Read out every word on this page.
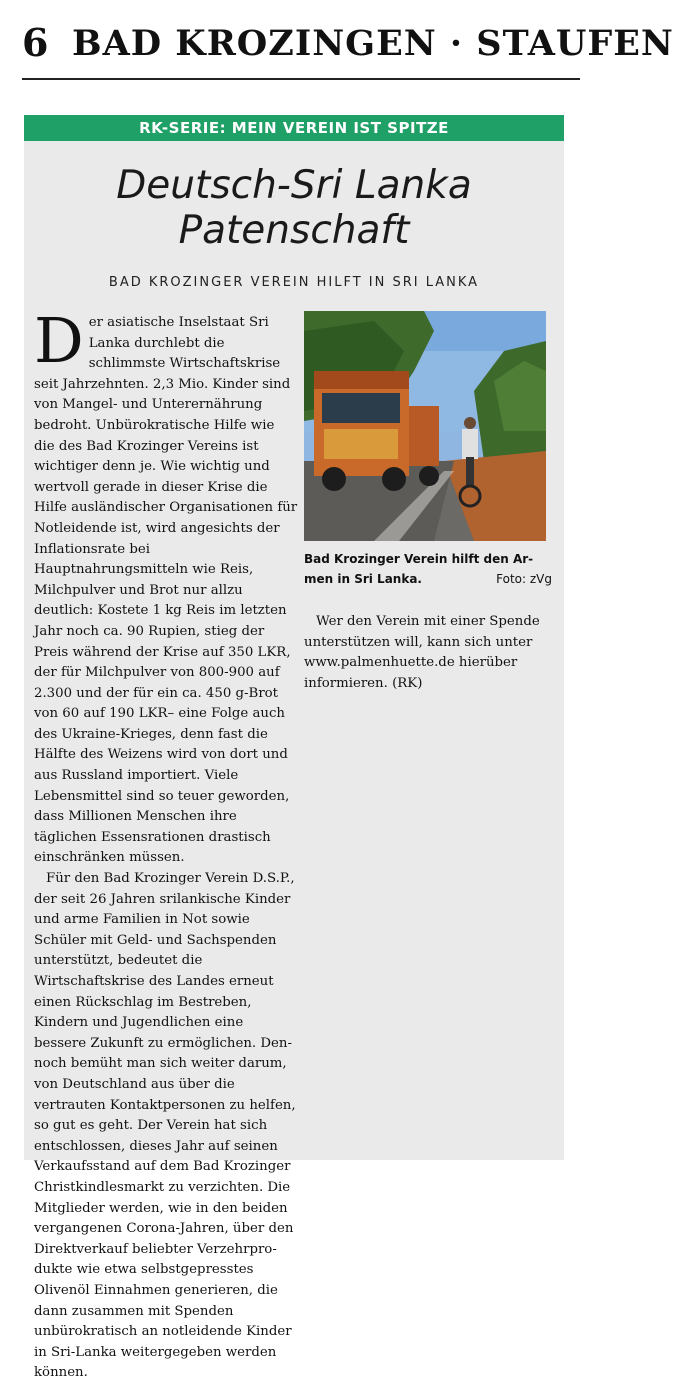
6 BAD KROZINGEN · STAUFEN
RK-SERIE: MEIN VEREIN IST SPITZE
Deutsch-Sri Lanka
Patenschaft
BAD KROZINGER VEREIN HILFT IN SRI LANKA

Der asiatische Inselstaat Sri Lanka durchlebt die schlimmste Wirtschaftskrise seit Jahrzehnten. 2,3 Mio. Kinder sind von Mangel- und Unterernährung bedroht. Unbürokratische Hilfe wie die des Bad Krozinger Vereins ist wichtiger denn je. Wie wichtig und wertvoll gerade in dieser Krise die Hilfe ausländischer Organisationen für Notleidende ist, wird angesichts der Inflationsrate bei Hauptnahrungsmitteln wie Reis, Milchpulver und Brot nur allzu deutlich: Kostete 1 kg Reis im letzten Jahr noch ca. 90 Rupien, stieg der Preis während der Krise auf 350 LKR, der für Milchpulver von 800-900 auf 2.300 und der für ein ca. 450 g-Brot von 60 auf 190 LKR– eine Folge auch des Ukraine-Krieges, denn fast die Hälfte des Weizens wird von dort und aus Russland importiert. Viele Lebensmittel sind so teuer geworden, dass Millionen Menschen ihre täglichen Essensrationen drastisch einschränken müssen.

Für den Bad Krozinger Verein D.S.P., der seit 26 Jahren srilankische Kinder und arme Familien in Not sowie Schüler mit Geld- und Sachspenden unterstützt, bedeutet die Wirtschaftskrise des Landes erneut einen Rückschlag im Bestreben, Kindern und Jugendlichen eine bessere Zukunft zu ermöglichen. Dennoch bemüht man sich weiter darum, von Deutschland aus über die vertrauten Kontaktpersonen zu helfen, so gut es geht. Der Verein hat sich entschlossen, dieses Jahr auf seinen Verkaufsstand auf dem Bad Krozinger Christkindlesmarkt zu verzichten. Die Mitglieder werden, wie in den beiden vergangenen Corona-Jahren, über den Direktverkauf beliebter Verzehrprodukte wie etwa selbstgepresstes Olivenöl Einnahmen generieren, die dann zusammen mit Spenden unbürokratisch an notleidende Kinder in Sri-Lanka weitergegeben werden können.

Bad Krozinger Verein hilft den Armen in Sri Lanka.	Foto: zVg

Wer den Verein mit einer Spende unterstützen will, kann sich unter www.palmenhuette.de hierüber informieren. (RK)
